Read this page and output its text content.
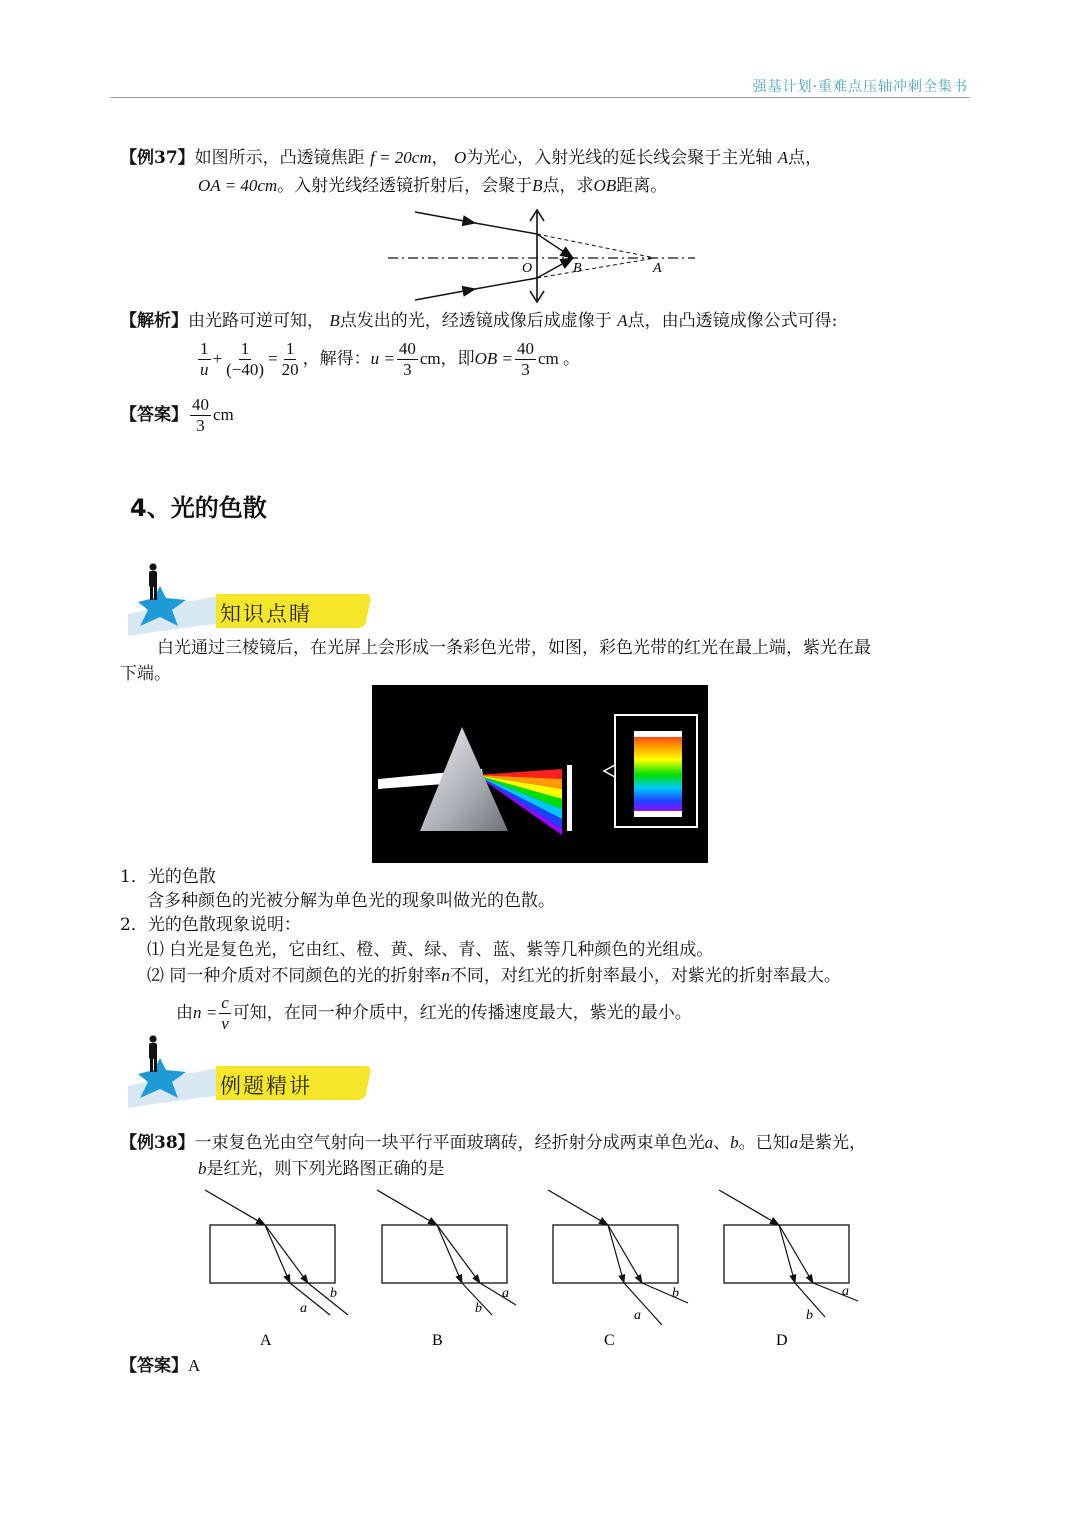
强基计划·重难点压轴冲刺全集书
【例37】如图所示，凸透镜焦距 f = 20cm， O为光心，入射光线的延长线会聚于主光轴 A点，
OA = 40cm。入射光线经透镜折射后，会聚于B点，求OB距离。
O	B	A
【解析】由光路可逆可知， B点发出的光，经透镜成像后成虚像于 A点，由凸透镜成像公式可得:
$\frac{1}{u} + \frac{1}{(-40)} = \frac{1}{20}$ ，解得： $u = \frac{40}{3}$ cm， 即 OB = $\frac{40}{3}$ cm 。
【答案】 $\frac{40}{3}$ cm
4、光的色散
知识点睛
白光通过三棱镜后，在光屏上会形成一条彩色光带，如图，彩色光带的红光在最上端，紫光在最
下端。
1．光的色散
含多种颜色的光被分解为单色光的现象叫做光的色散。
2．光的色散现象说明：
⑴ 白光是复色光，它由红、橙、黄、绿、青、蓝、紫等几种颜色的光组成。
⑵ 同一种介质对不同颜色的光的折射率n不同，对红光的折射率最小，对紫光的折射率最大。
由 $n = \frac{c}{v}$ 可知，在同一种介质中，红光的传播速度最大，紫光的最小。
例题精讲
【例38】一束复色光由空气射向一块平行平面玻璃砖，经折射分成两束单色光a、b。已知a是紫光，
b是红光，则下列光路图正确的是
b
a
A
a
b
B
b
a
C
a
b
D
【答案】A
